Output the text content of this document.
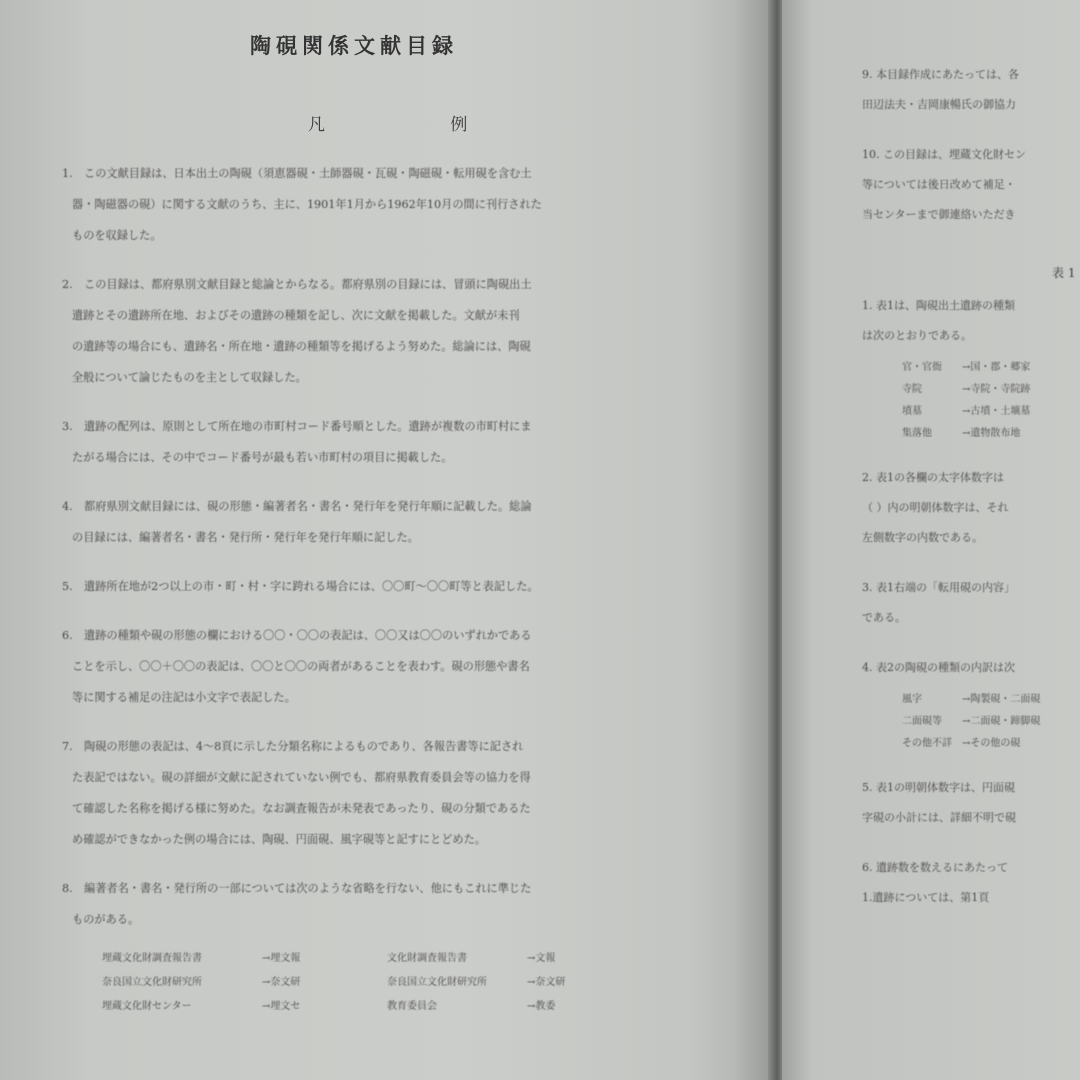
陶硯関係文献目録
凡 例
1. この文献目録は、日本出土の陶硯（須恵器硯・土師器硯・瓦硯・陶磁硯・転用硯を含む土
器・陶磁器の硯）に関する文献のうち、主に、1901年1月から1962年10月の間に刊行された
ものを収録した。
2. この目録は、都府県別文献目録と総論とからなる。都府県別の目録には、冒頭に陶硯出土
遺跡とその遺跡所在地、およびその遺跡の種類を記し、次に文献を掲載した。文献が未刊
の遺跡等の場合にも、遺跡名・所在地・遺跡の種類等を掲げるよう努めた。総論には、陶硯
全般について論じたものを主として収録した。
3. 遺跡の配列は、原則として所在地の市町村コード番号順とした。遺跡が複数の市町村にま
たがる場合には、その中でコード番号が最も若い市町村の項目に掲載した。
4. 都府県別文献目録には、硯の形態・編著者名・書名・発行年を発行年順に記載した。総論
の目録には、編著者名・書名・発行所・発行年を発行年順に記した。
5. 遺跡所在地が2つ以上の市・町・村・字に跨れる場合には、〇〇町～〇〇町等と表記した。
6. 遺跡の種類や硯の形態の欄における〇〇・〇〇の表記は、〇〇又は〇〇のいずれかである
ことを示し、〇〇＋〇〇の表記は、〇〇と〇〇の両者があることを表わす。硯の形態や書名
等に関する補足の注記は小文字で表記した。
7. 陶硯の形態の表記は、4～8頁に示した分類名称によるものであり、各報告書等に記され
た表記ではない。硯の詳細が文献に記されていない例でも、都府県教育委員会等の協力を得
て確認した名称を掲げる様に努めた。なお調査報告が未発表であったり、硯の分類であるた
め確認ができなかった例の場合には、陶硯、円面硯、風字硯等と記すにとどめた。
8. 編著者名・書名・発行所の一部については次のような省略を行ない、他にもこれに準じた
ものがある。
埋蔵文化財調査報告書	→埋文報	文化財調査報告書	→文報
奈良国立文化財研究所	→奈文研	奈良国立文化財研究所	→奈文研
埋蔵文化財センター	→埋文セ	教育委員会	→教委
9. 本目録作成にあたっては、各
田辺法夫・吉岡康暢氏の御協力
10. この目録は、埋蔵文化財セン
等については後日改めて補足・
当センターまで御連絡いただき
表 1
1. 表1は、陶硯出土遺跡の種類
は次のとおりである。
官・官衙	→国・郡・郷家
寺院	→寺院・寺院跡
墳墓	→古墳・土壙墓
集落他	→遺物散布地
2. 表1の各欄の太字体数字は
（ ）内の明朝体数字は、それ
左側数字の内数である。
3. 表1右端の「転用硯の内容」
である。
4. 表2の陶硯の種類の内訳は次
風字	→陶製硯・二面硯
二面硯等	→二面硯・蹄脚硯
その他不詳	→その他の硯
5. 表1の明朝体数字は、円面硯
字硯の小計には、詳細不明で硯
6. 遺跡数を数えるにあたって
1.遺跡については、第1頁
